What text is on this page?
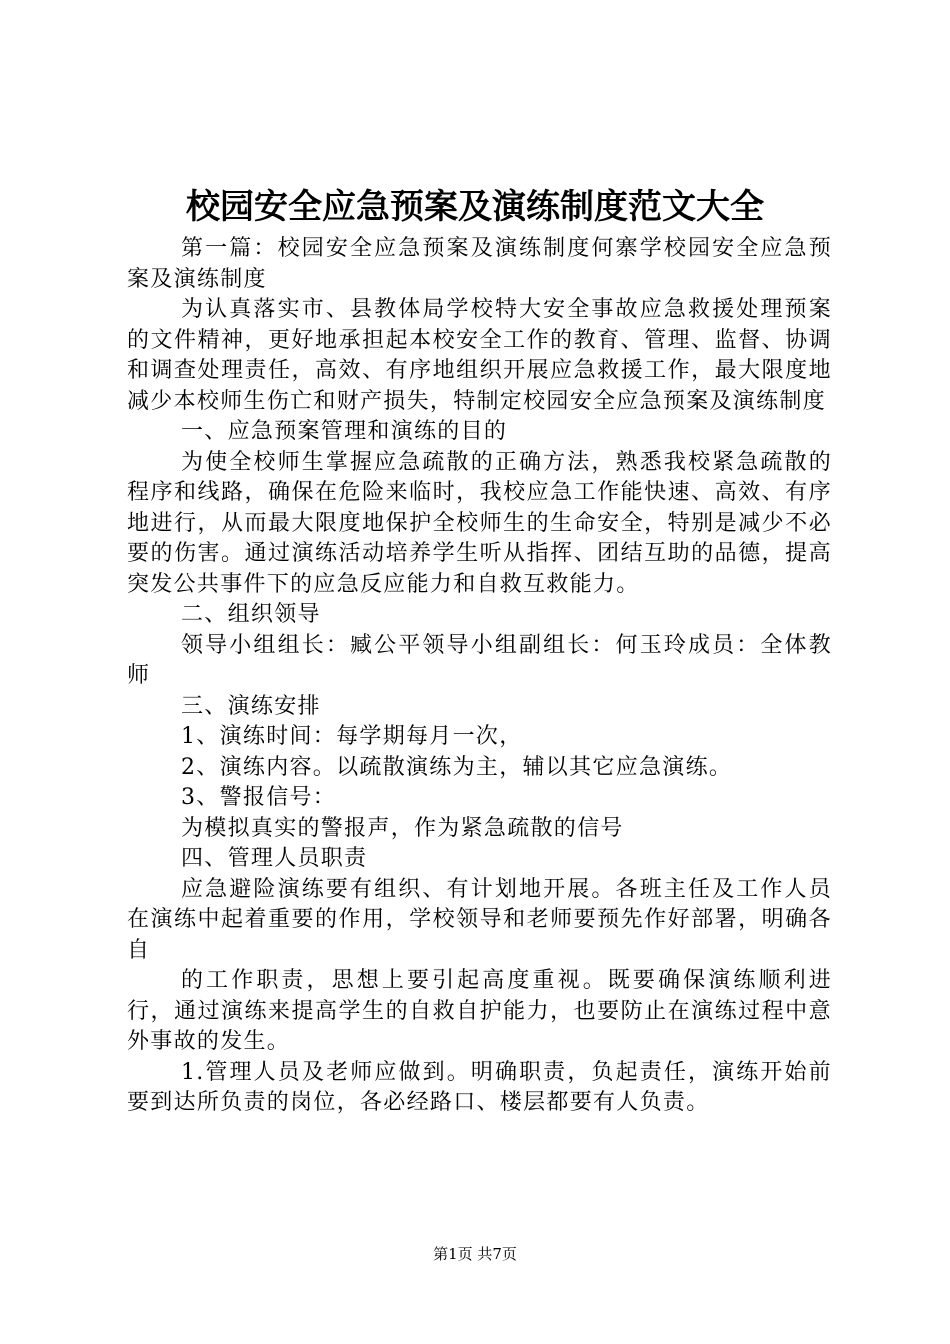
校园安全应急预案及演练制度范文大全

第一篇：校园安全应急预案及演练制度何寨学校园安全应急预案及演练制度

为认真落实市、县教体局学校特大安全事故应急救援处理预案的文件精神，更好地承担起本校安全工作的教育、管理、监督、协调和调查处理责任，高效、有序地组织开展应急救援工作，最大限度地减少本校师生伤亡和财产损失，特制定校园安全应急预案及演练制度

一、应急预案管理和演练的目的

为使全校师生掌握应急疏散的正确方法，熟悉我校紧急疏散的程序和线路，确保在危险来临时，我校应急工作能快速、高效、有序地进行，从而最大限度地保护全校师生的生命安全，特别是减少不必要的伤害。通过演练活动培养学生听从指挥、团结互助的品德，提高突发公共事件下的应急反应能力和自救互救能力。

二、组织领导

领导小组组长：臧公平领导小组副组长：何玉玲成员：全体教师

三、演练安排

1、演练时间：每学期每月一次，

2、演练内容。以疏散演练为主，辅以其它应急演练。

3、警报信号：

为模拟真实的警报声，作为紧急疏散的信号

四、管理人员职责

应急避险演练要有组织、有计划地开展。各班主任及工作人员在演练中起着重要的作用，学校领导和老师要预先作好部署，明确各自

的工作职责，思想上要引起高度重视。既要确保演练顺利进行，通过演练来提高学生的自救自护能力，也要防止在演练过程中意外事故的发生。

1.管理人员及老师应做到。明确职责，负起责任，演练开始前要到达所负责的岗位，各必经路口、楼层都要有人负责。

第1页 共7页
